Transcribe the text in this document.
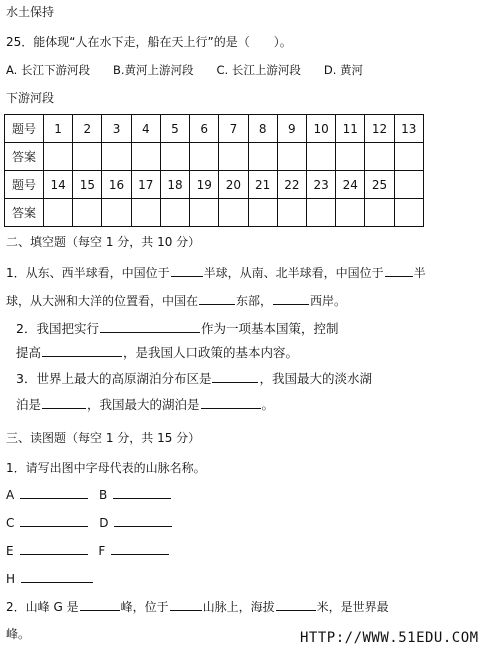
水土保持
25．能体现“人在水下走，船在天上行”的是（　　）。
A. 长江下游河段　　B.黄河上游河段　　C. 长江上游河段　　D. 黄河
下游河段
题号	1	2	3	4	5	6	7	8	9	10	11	12	13
答案													
题号	14	15	16	17	18	19	20	21	22	23	24	25	
答案													
二、填空题（每空 1 分，共 10 分）
1．从东、西半球看，中国位于	半球，从南、北半球看，中国位于	半
球，从大洲和大洋的位置看，中国在	东部，	西岸。
2．我国把实行	作为一项基本国策，控制
提高	，是我国人口政策的基本内容。
3．世界上最大的高原湖泊分布区是	，我国最大的淡水湖
泊是	，我国最大的湖泊是	。
三、读图题（每空 1 分，共 15 分）
1．请写出图中字母代表的山脉名称。
A	B
C	D
E	F
H
2．山峰 G 是	峰，位于	山脉上，海拔	米，是世界最
峰。	HTTP://WWW.51EDU.COM
